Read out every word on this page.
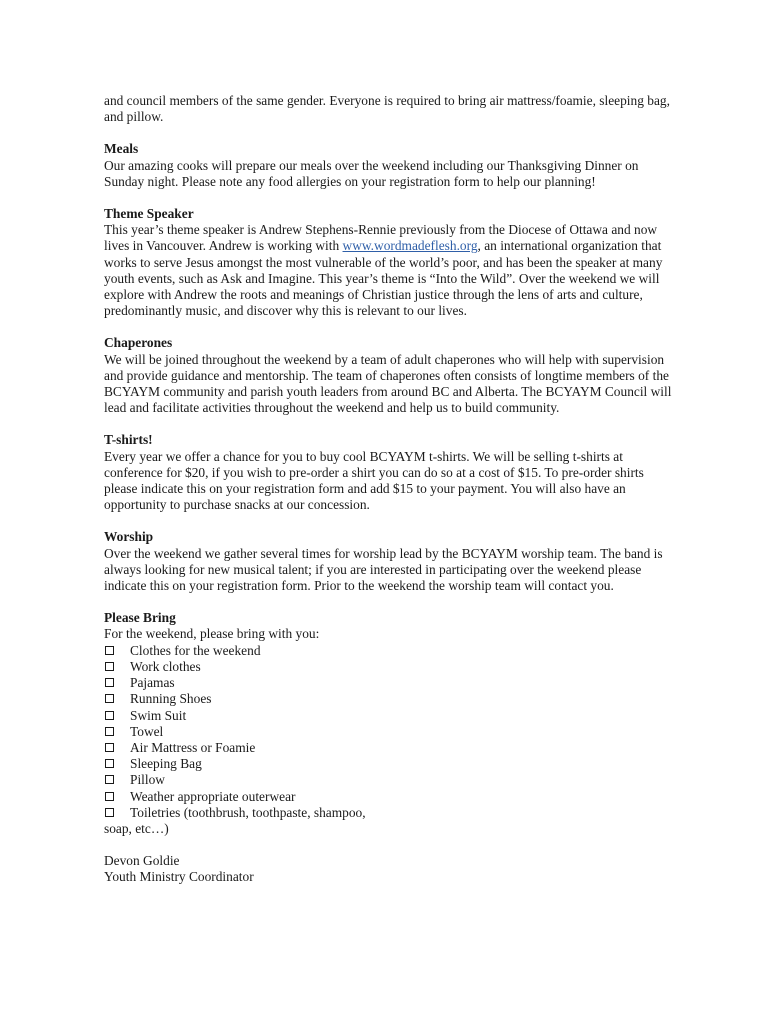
and council members of the same gender. Everyone is required to bring air mattress/foamie, sleeping bag, and pillow.

Meals

Our amazing cooks will prepare our meals over the weekend including our Thanksgiving Dinner on Sunday night. Please note any food allergies on your registration form to help our planning!

Theme Speaker

This year’s theme speaker is Andrew Stephens-Rennie previously from the Diocese of Ottawa and now lives in Vancouver. Andrew is working with www.wordmadeflesh.org, an international organization that works to serve Jesus amongst the most vulnerable of the world’s poor, and has been the speaker at many youth events, such as Ask and Imagine. This year’s theme is “Into the Wild”. Over the weekend we will explore with Andrew the roots and meanings of Christian justice through the lens of arts and culture, predominantly music, and discover why this is relevant to our lives.

Chaperones

We will be joined throughout the weekend by a team of adult chaperones who will help with supervision and provide guidance and mentorship. The team of chaperones often consists of longtime members of the BCYAYM community and parish youth leaders from around BC and Alberta. The BCYAYM Council will lead and facilitate activities throughout the weekend and help us to build community.

T-shirts!

Every year we offer a chance for you to buy cool BCYAYM t-shirts. We will be selling t-shirts at conference for $20, if you wish to pre-order a shirt you can do so at a cost of $15. To pre-order shirts please indicate this on your registration form and add $15 to your payment. You will also have an opportunity to purchase snacks at our concession.

Worship

Over the weekend we gather several times for worship lead by the BCYAYM worship team. The band is always looking for new musical talent; if you are interested in participating over the weekend please indicate this on your registration form. Prior to the weekend the worship team will contact you.

Please Bring

For the weekend, please bring with you:

Clothes for the weekend
Work clothes
Pajamas
Running Shoes
Swim Suit
Towel
Air Mattress or Foamie
Sleeping Bag
Pillow
Weather appropriate outerwear
Toiletries (toothbrush, toothpaste, shampoo,
soap, etc…)

Devon Goldie

Youth Ministry Coordinator
